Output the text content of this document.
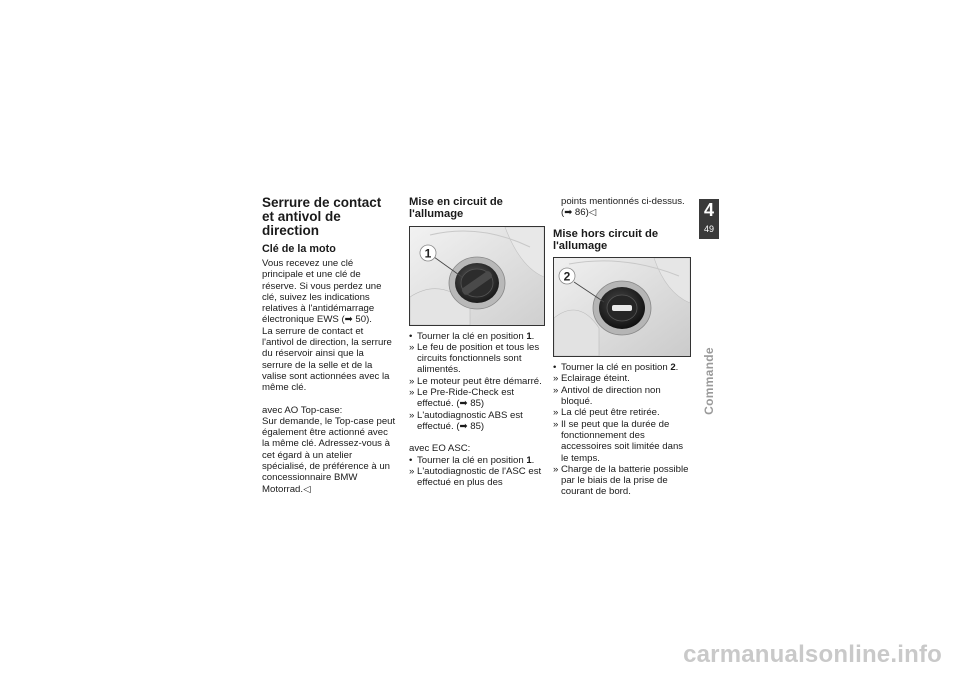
Serrure de contact et antivol de direction
Clé de la moto

Vous recevez une clé principale et une clé de réserve. Si vous perdez une clé, suivez les indications relatives à l'antidémarrage électronique EWS (➡ 50).

La serrure de contact et l'antivol de direction, la serrure du réservoir ainsi que la serrure de la selle et de la valise sont actionnées avec la même clé.

avec AO Top-case:

Sur demande, le Top-case peut également être actionné avec la même clé. Adressez-vous à cet égard à un atelier spécialisé, de préférence à un concessionnaire BMW Motorrad.◁

Mise en circuit de l'allumage
1
• Tourner la clé en position 1.
» Le feu de position et tous les circuits fonctionnels sont alimentés.
» Le moteur peut être démarré.
» Le Pre-Ride-Check est effectué. (➡ 85)
» L'autodiagnostic ABS est effectué. (➡ 85)

avec EO ASC:

• Tourner la clé en position 1.
» L'autodiagnostic de l'ASC est effectué en plus des

points mentionnés ci-dessus.
(➡ 86)◁

Mise hors circuit de l'allumage
2
• Tourner la clé en position 2.
» Eclairage éteint.
» Antivol de direction non bloqué.
» La clé peut être retirée.
» Il se peut que la durée de fonctionnement des accessoires soit limitée dans le temps.
» Charge de la batterie possible par le biais de la prise de courant de bord.
4
49
Commande
carmanualsonline.info
